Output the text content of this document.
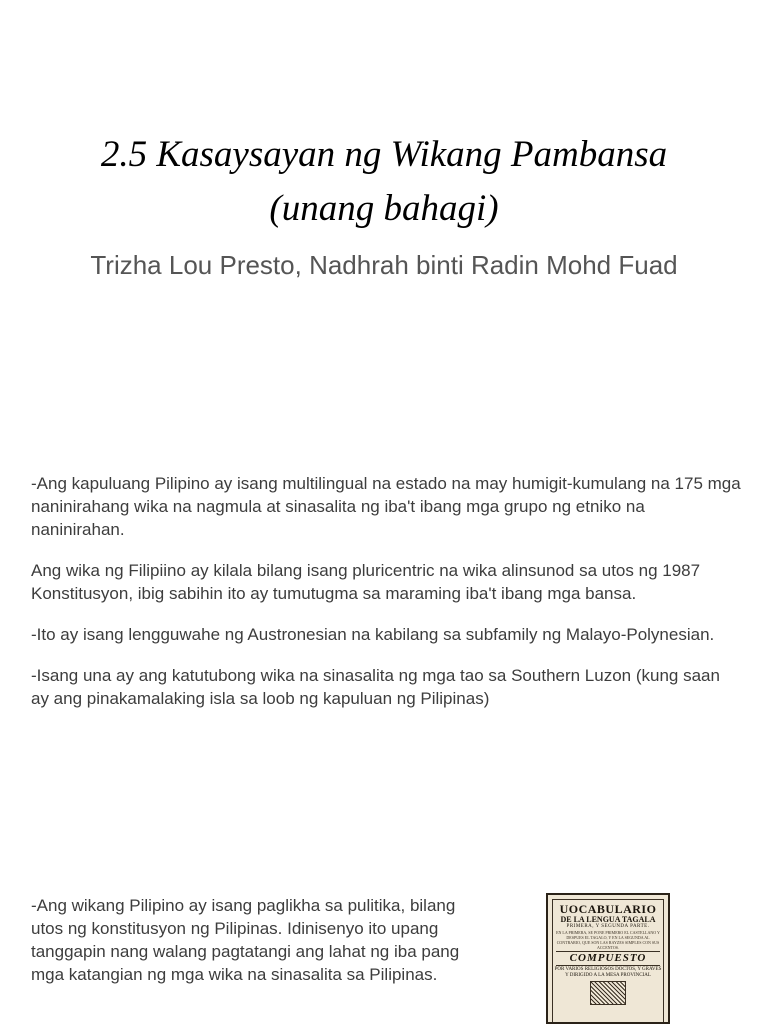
2.5 Kasaysayan ng Wikang Pambansa
(unang bahagi)
Trizha Lou Presto, Nadhrah binti Radin Mohd Fuad

-Ang kapuluang Pilipino ay isang multilingual na estado na may humigit-kumulang na 175 mga naninirahang wika na nagmula at sinasalita ng iba't ibang mga grupo ng etniko na naninirahan.

Ang wika ng Filipiino ay kilala bilang isang pluricentric na wika alinsunod sa utos ng 1987 Konstitusyon, ibig sabihin ito ay tumutugma sa maraming iba't ibang mga bansa.

-Ito ay isang lengguwahe ng Austronesian na kabilang sa subfamily ng Malayo-Polynesian.

-Isang una ay ang katutubong wika na sinasalita ng mga tao sa Southern Luzon (kung saan ay ang pinakamalaking isla sa loob ng kapuluan ng Pilipinas)

-Ang wikang Pilipino ay isang paglikha sa pulitika, bilang utos ng konstitusyon ng Pilipinas. Idinisenyo ito upang tanggapin nang walang pagtatangi ang lahat ng iba pang mga katangian ng mga wika na sinasalita sa Pilipinas.

UOCABULARIO
DE LA LENGUA TAGALA
PRIMERA, Y SEGUNDA PARTE.
EN LA PRIMERA, SE PONE PRIMERO EL CASTELLANO Y DESPUES EL TAGALO, Y EN LA SEGUNDA AL CONTRARIO, QUE SON LAS RAYZES SIMPLES CON SUS ACCENTOS.
COMPUESTO
POR VARIOS RELIGIOSOS DOCTOS, Y GRAVES
Y DIRIGIDO A LA MESA PROVINCIAL
